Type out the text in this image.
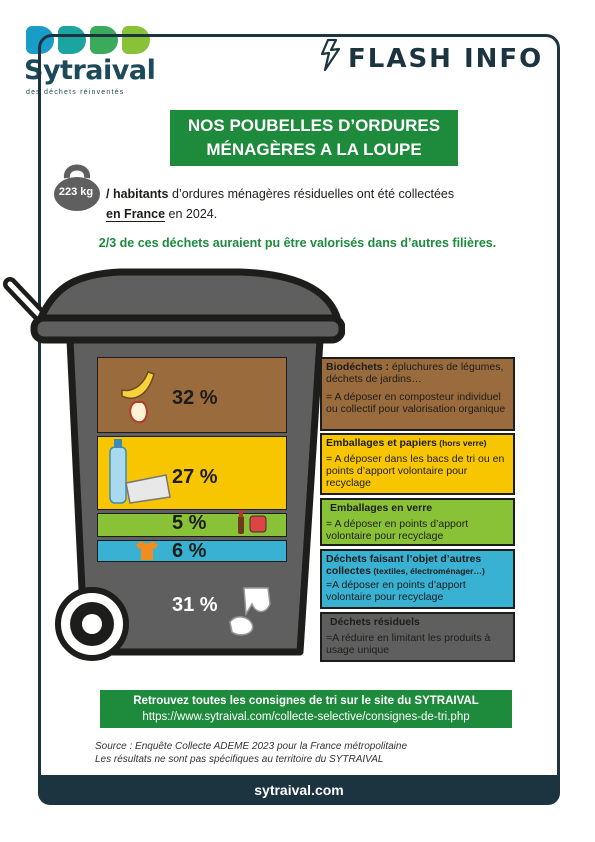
Sytraival
des déchets réinventés
FLASH INFO
NOS POUBELLES D’ORDURES
MÉNAGÈRES A LA LOUPE
223 kg	/ habitants d’ordures ménagères résiduelles ont été collectées
en France en 2024.
2/3 de ces déchets auraient pu être valorisés dans d’autres filières.
32 %
27 %
5 %
6 %
31 %
Biodéchets : épluchures de légumes, déchets de jardins…
= A déposer en composteur individuel ou collectif pour valorisation organique
Emballages et papiers (hors verre)
= A déposer dans les bacs de tri ou en points d’apport volontaire pour recyclage
Emballages en verre
= A déposer en points d’apport volontaire pour recyclage
Déchets faisant l’objet d’autres collectes (textiles, électroménager…)
=A déposer en points d’apport volontaire pour recyclage
Déchets résiduels
=A réduire en limitant les produits à usage unique
Retrouvez toutes les consignes de tri sur le site du SYTRAIVAL
https://www.sytraival.com/collecte-selective/consignes-de-tri.php
Source : Enquête Collecte ADEME 2023 pour la France métropolitaine
Les résultats ne sont pas spécifiques au territoire du SYTRAIVAL
sytraival.com
